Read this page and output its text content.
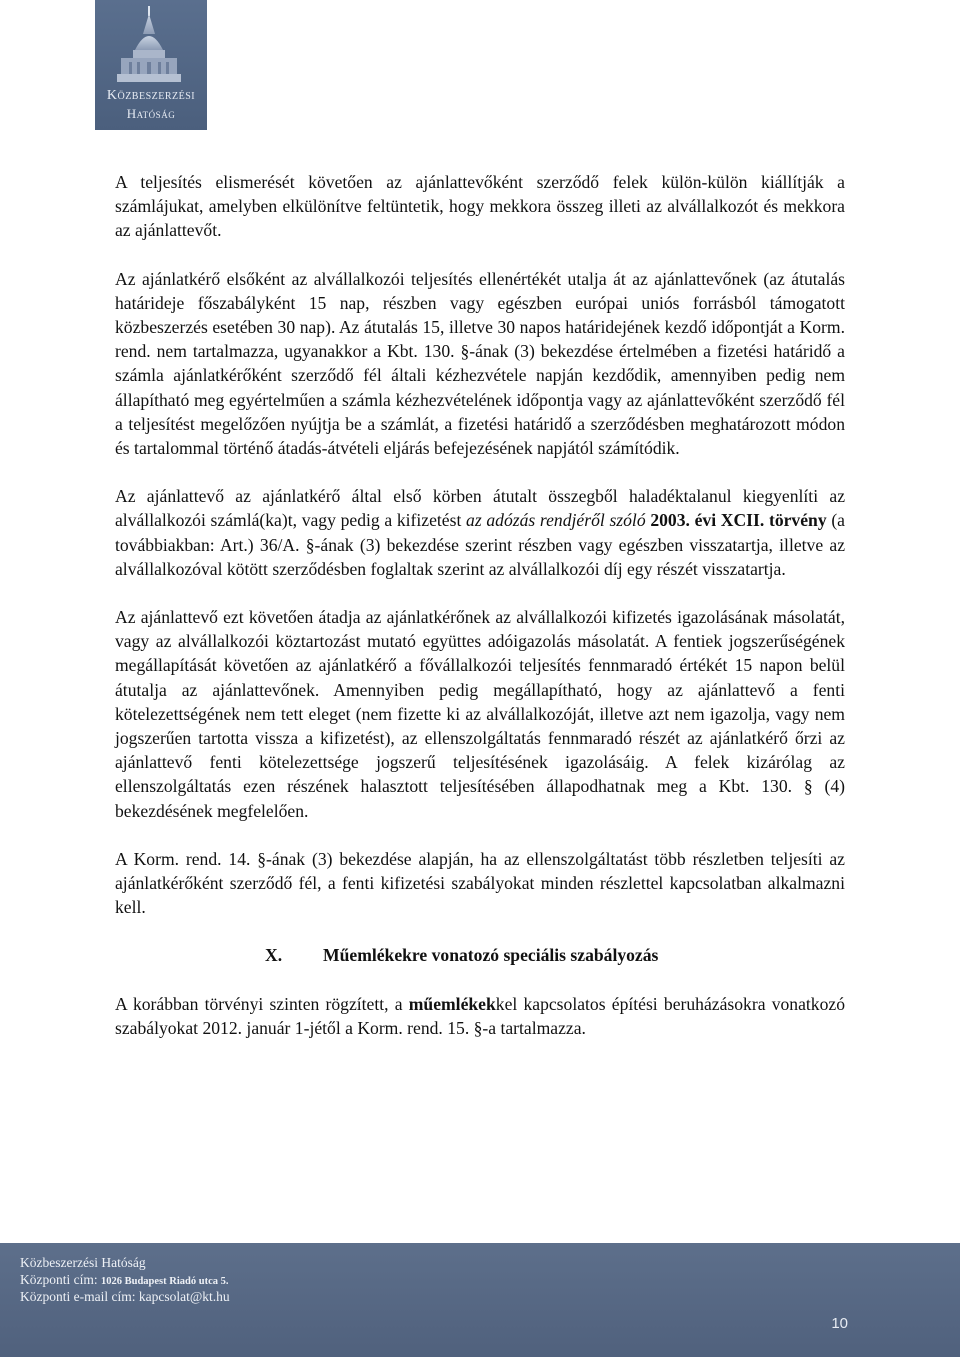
Közbeszerzési
Hatóság

A teljesítés elismerését követően az ajánlattevőként szerződő felek külön-külön kiállítják a számlájukat, amelyben elkülönítve feltüntetik, hogy mekkora összeg illeti az alvállalkozót és mekkora az ajánlattevőt.

Az ajánlatkérő elsőként az alvállalkozói teljesítés ellenértékét utalja át az ajánlattevőnek (az átutalás határideje főszabályként 15 nap, részben vagy egészben európai uniós forrásból támogatott közbeszerzés esetében 30 nap). Az átutalás 15, illetve 30 napos határidejének kezdő időpontját a Korm. rend. nem tartalmazza, ugyanakkor a Kbt. 130. §-ának (3) bekezdése értelmében a fizetési határidő a számla ajánlatkérőként szerződő fél általi kézhezvétele napján kezdődik, amennyiben pedig nem állapítható meg egyértelműen a számla kézhezvételének időpontja vagy az ajánlattevőként szerződő fél a teljesítést megelőzően nyújtja be a számlát, a fizetési határidő a szerződésben meghatározott módon és tartalommal történő átadás-átvételi eljárás befejezésének napjától számítódik.

Az ajánlattevő az ajánlatkérő által első körben átutalt összegből haladéktalanul kiegyenlíti az alvállalkozói számlá(ka)t, vagy pedig a kifizetést az adózás rendjéről szóló 2003. évi XCII. törvény (a továbbiakban: Art.) 36/A. §-ának (3) bekezdése szerint részben vagy egészben visszatartja, illetve az alvállalkozóval kötött szerződésben foglaltak szerint az alvállalkozói díj egy részét visszatartja.

Az ajánlattevő ezt követően átadja az ajánlatkérőnek az alvállalkozói kifizetés igazolásának másolatát, vagy az alvállalkozói köztartozást mutató együttes adóigazolás másolatát. A fentiek jogszerűségének megállapítását követően az ajánlatkérő a fővállalkozói teljesítés fennmaradó értékét 15 napon belül átutalja az ajánlattevőnek. Amennyiben pedig megállapítható, hogy az ajánlattevő a fenti kötelezettségének nem tett eleget (nem fizette ki az alvállalkozóját, illetve azt nem igazolja, vagy nem jogszerűen tartotta vissza a kifizetést), az ellenszolgáltatás fennmaradó részét az ajánlatkérő őrzi az ajánlattevő fenti kötelezettsége jogszerű teljesítésének igazolásáig. A felek kizárólag az ellenszolgáltatás ezen részének halasztott teljesítésében állapodhatnak meg a Kbt. 130. § (4) bekezdésének megfelelően.

A Korm. rend. 14. §-ának (3) bekezdése alapján, ha az ellenszolgáltatást több részletben teljesíti az ajánlatkérőként szerződő fél, a fenti kifizetési szabályokat minden részlettel kapcsolatban alkalmazni kell.

X. Műemlékekre vonatozó speciális szabályozás

A korábban törvényi szinten rögzített, a műemlékekkel kapcsolatos építési beruházásokra vonatkozó szabályokat 2012. január 1-jétől a Korm. rend. 15. §-a tartalmazza.

Közbeszerzési Hatóság
Központi cím: 1026 Budapest Riadó utca 5.
Központi e-mail cím: kapcsolat@kt.hu
10
